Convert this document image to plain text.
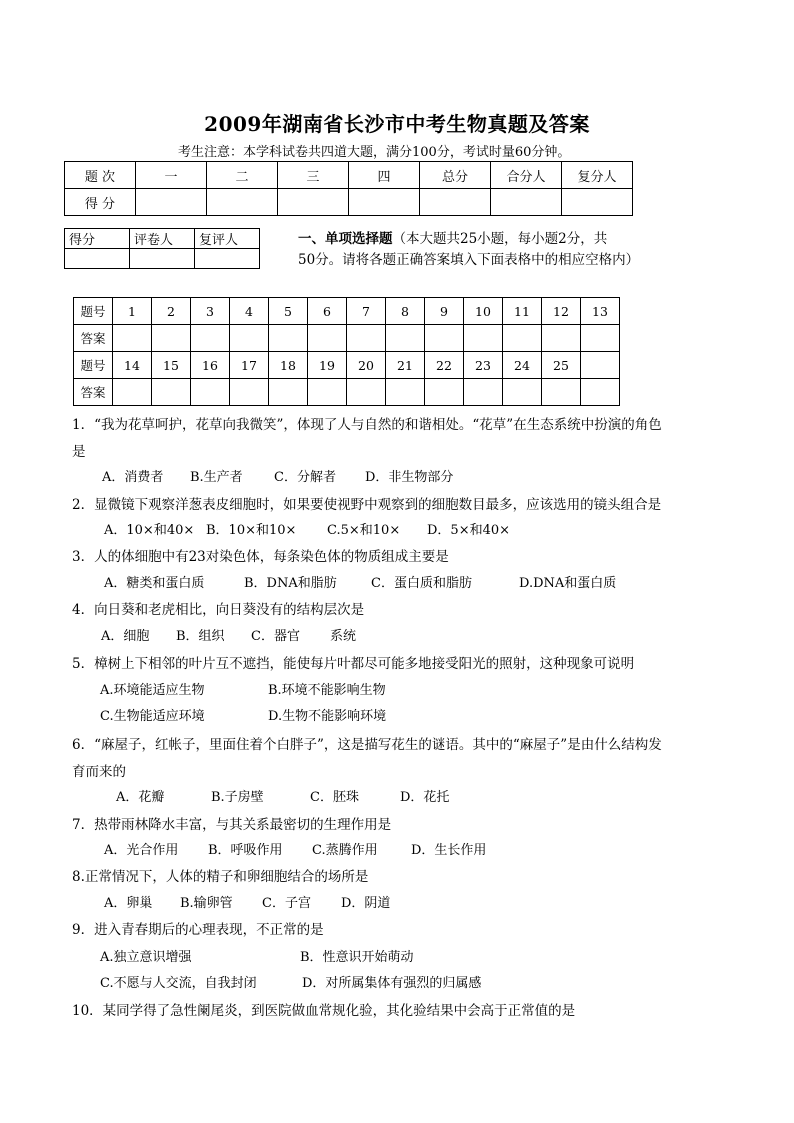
2009年湖南省长沙市中考生物真题及答案
考生注意：本学科试卷共四道大题，满分100分，考试时量60分钟。
题 次	一	二	三	四	总分	合分人	复分人
得 分							
得分	评卷人	复评人
			一、单项选择题（本大题共25小题，每小题2分，共
50分。请将各题正确答案填入下面表格中的相应空格内）
题号	1	2	3	4	5	6	7	8	9	10	11	12	13
答案													
题号	14	15	16	17	18	19	20	21	22	23	24	25	
答案													
1．“我为花草呵护，花草向我微笑”，体现了人与自然的和谐相处。“花草”在生态系统中扮演的角色
是
A．消费者 B.生产者 C．分解者 D．非生物部分
2．显微镜下观察洋葱表皮细胞时，如果要使视野中观察到的细胞数目最多，应该选用的镜头组合是
A．10×和40× B．10×和10× C.5×和10× D．5×和40×
3．人的体细胞中有23对染色体，每条染色体的物质组成主要是
A．糖类和蛋白质	B．DNA和脂肪	C．蛋白质和脂肪	D.DNA和蛋白质
4．向日葵和老虎相比，向日葵没有的结构层次是
A．细胞 B．组织 C．器官 系统
5．樟树上下相邻的叶片互不遮挡，能使每片叶都尽可能多地接受阳光的照射，这种现象可说明
A.环境能适应生物	B.环境不能影响生物
C.生物能适应环境	D.生物不能影响环境
6．“麻屋子，红帐子，里面住着个白胖子”，这是描写花生的谜语。其中的“麻屋子”是由什么结构发
育而来的
A．花瓣	B.子房壁	C．胚珠	D．花托
7．热带雨林降水丰富，与其关系最密切的生理作用是
A．光合作用 B．呼吸作用 C.蒸腾作用	D．生长作用
8.正常情况下，人体的精子和卵细胞结合的场所是
A．卵巢 B.输卵管 C．子宫 D．阴道
9．进入青春期后的心理表现，不正常的是
A.独立意识增强	B．性意识开始萌动
C.不愿与人交流，自我封闭	D．对所属集体有强烈的归属感
10．某同学得了急性阑尾炎，到医院做血常规化验，其化验结果中会高于正常值的是
